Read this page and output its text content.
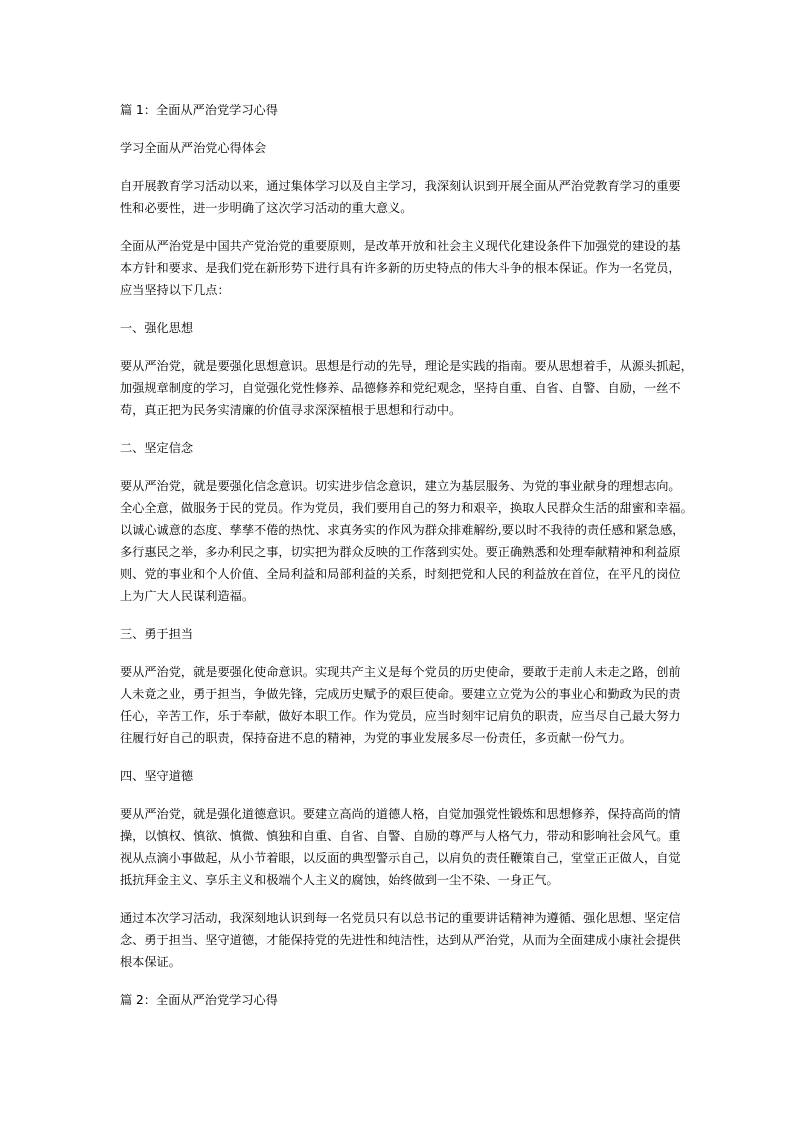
篇 1：全面从严治党学习心得

学习全面从严治党心得体会

自开展教育学习活动以来，通过集体学习以及自主学习，我深刻认识到开展全面从严治党教育学习的重要
性和必要性，进一步明确了这次学习活动的重大意义。
全面从严治党是中国共产党治党的重要原则，是改革开放和社会主义现代化建设条件下加强党的建设的基
本方针和要求、是我们党在新形势下进行具有许多新的历史特点的伟大斗争的根本保证。作为一名党员，
应当坚持以下几点：

一、强化思想

要从严治党，就是要强化思想意识。思想是行动的先导，理论是实践的指南。要从思想着手，从源头抓起，
加强规章制度的学习，自觉强化党性修养、品德修养和党纪观念，坚持自重、自省、自警、自励，一丝不
苟，真正把为民务实清廉的价值寻求深深植根于思想和行动中。

二、坚定信念

要从严治党，就是要强化信念意识。切实进步信念意识，建立为基层服务、为党的事业献身的理想志向。
全心全意，做服务于民的党员。作为党员，我们要用自己的努力和艰辛，换取人民群众生活的甜蜜和幸福。
以诚心诚意的态度、孳孳不倦的热忱、求真务实的作风为群众排难解纷,要以时不我待的责任感和紧急感，
多行惠民之举，多办利民之事，切实把为群众反映的工作落到实处。要正确熟悉和处理奉献精神和利益原
则、党的事业和个人价值、全局利益和局部利益的关系，时刻把党和人民的利益放在首位，在平凡的岗位
上为广大人民谋利造福。

三、勇于担当

要从严治党，就是要强化使命意识。实现共产主义是每个党员的历史使命，要敢于走前人未走之路，创前
人未竟之业，勇于担当，争做先锋，完成历史赋予的艰巨使命。要建立立党为公的事业心和勤政为民的责
任心，辛苦工作，乐于奉献，做好本职工作。作为党员，应当时刻牢记肩负的职责，应当尽自己最大努力
往履行好自己的职责，保持奋进不息的精神，为党的事业发展多尽一份责任，多贡献一份气力。

四、坚守道德

要从严治党，就是强化道德意识。要建立高尚的道德人格，自觉加强党性锻炼和思想修养，保持高尚的情
操，以慎权、慎欲、慎微、慎独和自重、自省、自警、自励的尊严与人格气力，带动和影响社会风气。重
视从点滴小事做起，从小节着眼，以反面的典型警示自己，以肩负的责任鞭策自己，堂堂正正做人，自觉
抵抗拜金主义、享乐主义和极端个人主义的腐蚀，始终做到一尘不染、一身正气。
通过本次学习活动，我深刻地认识到每一名党员只有以总书记的重要讲话精神为遵循、强化思想、坚定信
念、勇于担当、坚守道德，才能保持党的先进性和纯洁性，达到从严治党，从而为全面建成小康社会提供
根本保证。

篇 2：全面从严治党学习心得
